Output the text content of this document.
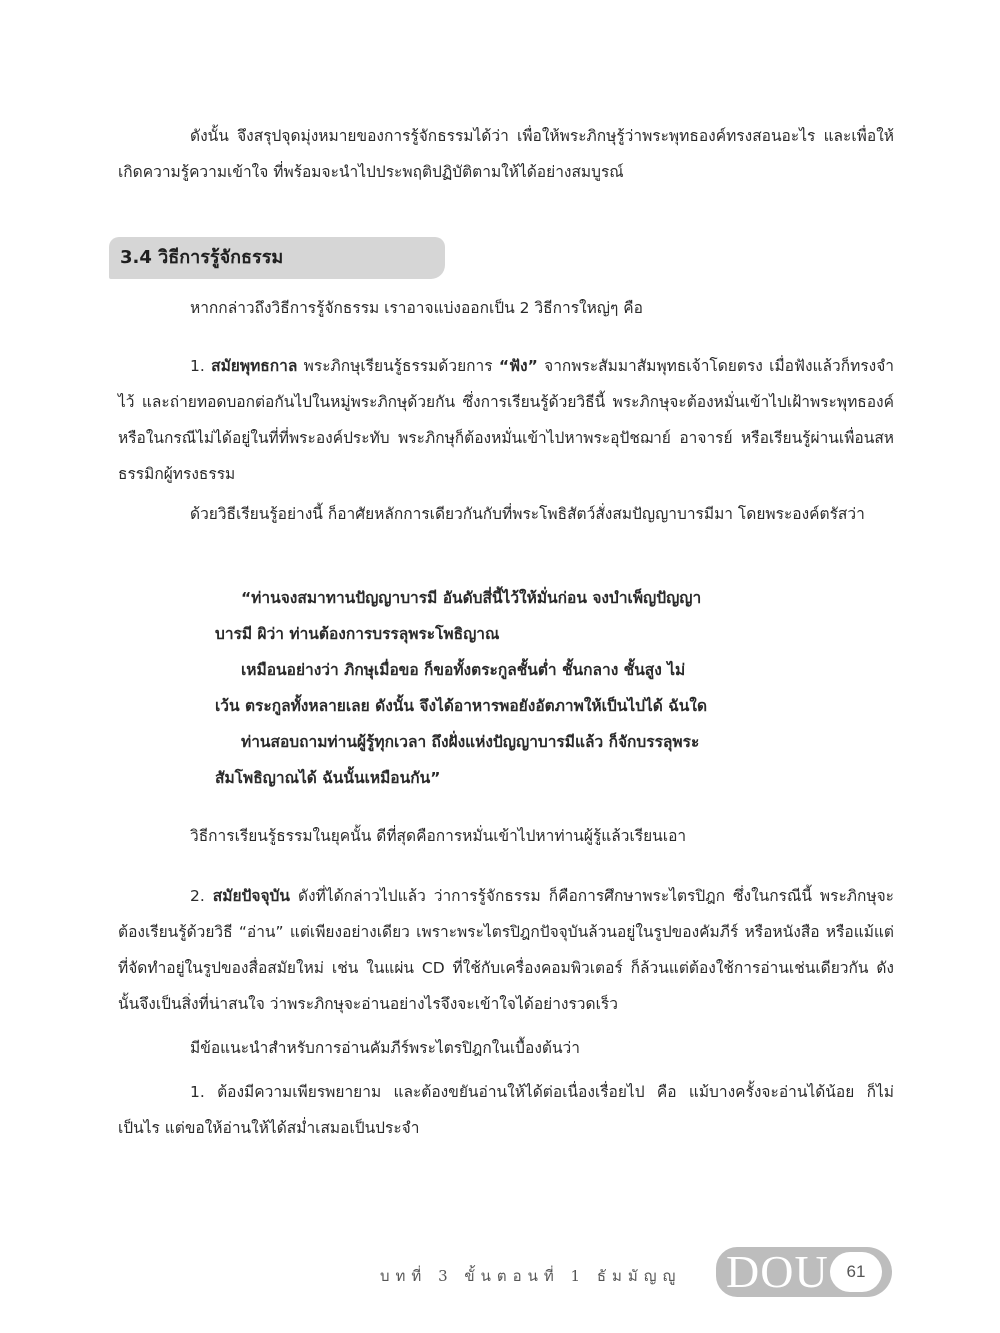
ดังนั้น จึงสรุปจุดมุ่งหมายของการรู้จักธรรมได้ว่า เพื่อให้พระภิกษุรู้ว่าพระพุทธองค์ทรงสอนอะไร และเพื่อให้เกิดความรู้ความเข้าใจ ที่พร้อมจะนำไปประพฤติปฏิบัติตามให้ได้อย่างสมบูรณ์

3.4 วิธีการรู้จักธรรม

หากกล่าวถึงวิธีการรู้จักธรรม เราอาจแบ่งออกเป็น 2 วิธีการใหญ่ๆ คือ

1. สมัยพุทธกาล พระภิกษุเรียนรู้ธรรมด้วยการ “ฟัง” จากพระสัมมาสัมพุทธเจ้าโดยตรง เมื่อฟังแล้วก็ทรงจำไว้ และถ่ายทอดบอกต่อกันไปในหมู่พระภิกษุด้วยกัน ซึ่งการเรียนรู้ด้วยวิธีนี้ พระภิกษุจะต้องหมั่นเข้าไปเฝ้าพระพุทธองค์ หรือในกรณีไม่ได้อยู่ในที่ที่พระองค์ประทับ พระภิกษุก็ต้องหมั่นเข้าไปหาพระอุปัชฌาย์ อาจารย์ หรือเรียนรู้ผ่านเพื่อนสหธรรมิกผู้ทรงธรรม

ด้วยวิธีเรียนรู้อย่างนี้ ก็อาศัยหลักการเดียวกันกับที่พระโพธิสัตว์สั่งสมปัญญาบารมีมา โดยพระองค์ตรัสว่า

“ท่านจงสมาทานปัญญาบารมี อันดับสี่นี้ไว้ให้มั่นก่อน จงบำเพ็ญปัญญา
บารมี ผิว่า ท่านต้องการบรรลุพระโพธิญาณ
เหมือนอย่างว่า ภิกษุเมื่อขอ ก็ขอทั้งตระกูลชั้นต่ำ ชั้นกลาง ชั้นสูง ไม่
เว้น ตระกูลทั้งหลายเลย ดังนั้น จึงได้อาหารพอยังอัตภาพให้เป็นไปได้ ฉันใด
ท่านสอบถามท่านผู้รู้ทุกเวลา ถึงฝั่งแห่งปัญญาบารมีแล้ว ก็จักบรรลุพระ
สัมโพธิญาณได้ ฉันนั้นเหมือนกัน”

วิธีการเรียนรู้ธรรมในยุคนั้น ดีที่สุดคือการหมั่นเข้าไปหาท่านผู้รู้แล้วเรียนเอา

2. สมัยปัจจุบัน ดังที่ได้กล่าวไปแล้ว ว่าการรู้จักธรรม ก็คือการศึกษาพระไตรปิฎก ซึ่งในกรณีนี้ พระภิกษุจะต้องเรียนรู้ด้วยวิธี “อ่าน” แต่เพียงอย่างเดียว เพราะพระไตรปิฎกปัจจุบันล้วนอยู่ในรูปของคัมภีร์ หรือหนังสือ หรือแม้แต่ที่จัดทำอยู่ในรูปของสื่อสมัยใหม่ เช่น ในแผ่น CD ที่ใช้กับเครื่องคอมพิวเตอร์ ก็ล้วนแต่ต้องใช้การอ่านเช่นเดียวกัน ดังนั้นจึงเป็นสิ่งที่น่าสนใจ ว่าพระภิกษุจะอ่านอย่างไรจึงจะเข้าใจได้อย่างรวดเร็ว

มีข้อแนะนำสำหรับการอ่านคัมภีร์พระไตรปิฎกในเบื้องต้นว่า

1. ต้องมีความเพียรพยายาม และต้องขยันอ่านให้ได้ต่อเนื่องเรื่อยไป คือ แม้บางครั้งจะอ่านได้น้อย ก็ไม่เป็นไร แต่ขอให้อ่านให้ได้สม่ำเสมอเป็นประจำ

บทที่ 3 ขั้นตอนที่ 1 ธัมมัญญู DOU	61
